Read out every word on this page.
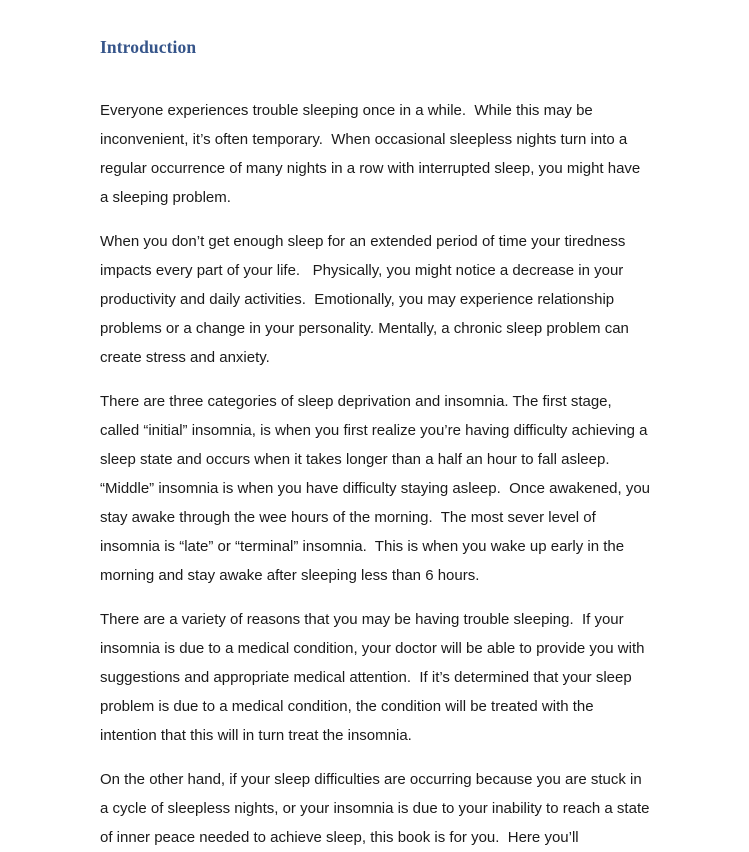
Introduction

Everyone experiences trouble sleeping once in a while.  While this may be inconvenient, it’s often temporary.  When occasional sleepless nights turn into a regular occurrence of many nights in a row with interrupted sleep, you might have a sleeping problem.

When you don’t get enough sleep for an extended period of time your tiredness impacts every part of your life.   Physically, you might notice a decrease in your productivity and daily activities.  Emotionally, you may experience relationship problems or a change in your personality. Mentally, a chronic sleep problem can create stress and anxiety.

There are three categories of sleep deprivation and insomnia. The first stage, called “initial” insomnia, is when you first realize you’re having difficulty achieving a sleep state and occurs when it takes longer than a half an hour to fall asleep. “Middle” insomnia is when you have difficulty staying asleep.  Once awakened, you stay awake through the wee hours of the morning.  The most sever level of insomnia is “late” or “terminal” insomnia.  This is when you wake up early in the morning and stay awake after sleeping less than 6 hours.

There are a variety of reasons that you may be having trouble sleeping.  If your insomnia is due to a medical condition, your doctor will be able to provide you with suggestions and appropriate medical attention.  If it’s determined that your sleep problem is due to a medical condition, the condition will be treated with the intention that this will in turn treat the insomnia.

On the other hand, if your sleep difficulties are occurring because you are stuck in a cycle of sleepless nights, or your insomnia is due to your inability to reach a state of inner peace needed to achieve sleep, this book is for you.  Here you’ll
